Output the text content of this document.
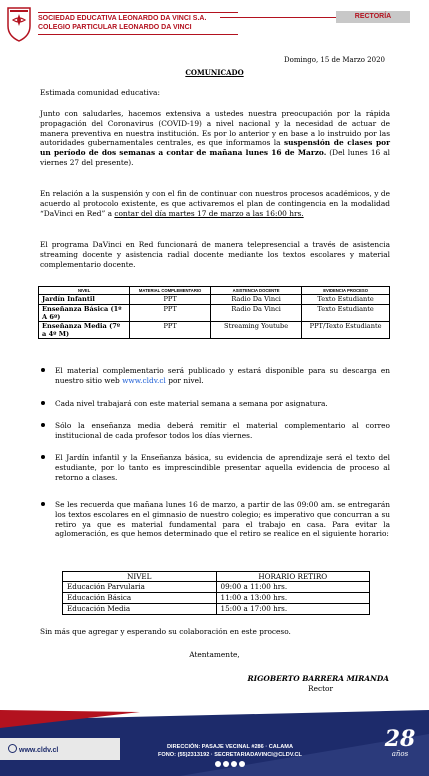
SOCIEDAD EDUCATIVA LEONARDO DA VINCI S.A.
COLEGIO PARTICULAR LEONARDO DA VINCI
RECTORÍA
Domingo, 15 de Marzo 2020
COMUNICADO
Estimada comunidad educativa:
Junto con saludarles, hacemos extensiva a ustedes nuestra preocupación por la rápida propagación del Coronavirus (COVID-19) a nivel nacional y la necesidad de actuar de manera preventiva en nuestra institución. Es por lo anterior y en base a lo instruido por las autoridades gubernamentales centrales, es que informamos la suspensión de clases por un período de dos semanas a contar de mañana lunes 16 de Marzo. (Del lunes 16 al viernes 27 del presente).
En relación a la suspensión y con el fin de continuar con nuestros procesos académicos, y de acuerdo al protocolo existente, es que activaremos el plan de contingencia en la modalidad “DaVinci en Red” a contar del día martes 17 de marzo a las 16:00 hrs.
El programa DaVinci en Red funcionará de manera telepresencial a través de asistencia streaming docente y asistencia radial docente mediante los textos escolares y material complementario docente.
NIVEL	MATERIAL COMPLEMENTARIO	ASISTENCIA DOCENTE	EVIDENCIA PROCESO
Jardín Infantil	PPT	Radio Da Vinci	Texto Estudiante
Enseñanza Básica (1º A 6º)	PPT	Radio Da Vinci	Texto Estudiante
Enseñanza Media (7º a 4º M)	PPT	Streaming Youtube	PPT/Texto Estudiante
El material complementario será publicado y estará disponible para su descarga en nuestro sitio web www.cldv.cl por nivel.
Cada nivel trabajará con este material semana a semana por asignatura.
Sólo la enseñanza media deberá remitir el material complementario al correo institucional de cada profesor todos los días viernes.
El Jardín infantil y la Enseñanza básica, su evidencia de aprendizaje será el texto del estudiante, por lo tanto es imprescindible presentar aquella evidencia de proceso al retorno a clases.
Se les recuerda que mañana lunes 16 de marzo, a partir de las 09:00 am. se entregarán los textos escolares en el gimnasio de nuestro colegio; es imperativo que concurran a su retiro ya que es material fundamental para el trabajo en casa. Para evitar la aglomeración, es que hemos determinado que el retiro se realice en el siguiente horario:
NIVEL	HORARIO RETIRO
Educación Parvularia	09:00 a 11:00 hrs.
Educación Básica	11:00 a 13:00 hrs.
Educación Media	15:00 a 17:00 hrs.
Sin más que agregar y esperando su colaboración en este proceso.
Atentamente,
RIGOBERTO BARRERA MIRANDA
Rector
www.cldv.cl	DIRECCIÓN: PASAJE VECINAL #286 · CALAMA
FONO: (55)2313192 · SECRETARIADAVINCI@CLDV.CL
28
años
